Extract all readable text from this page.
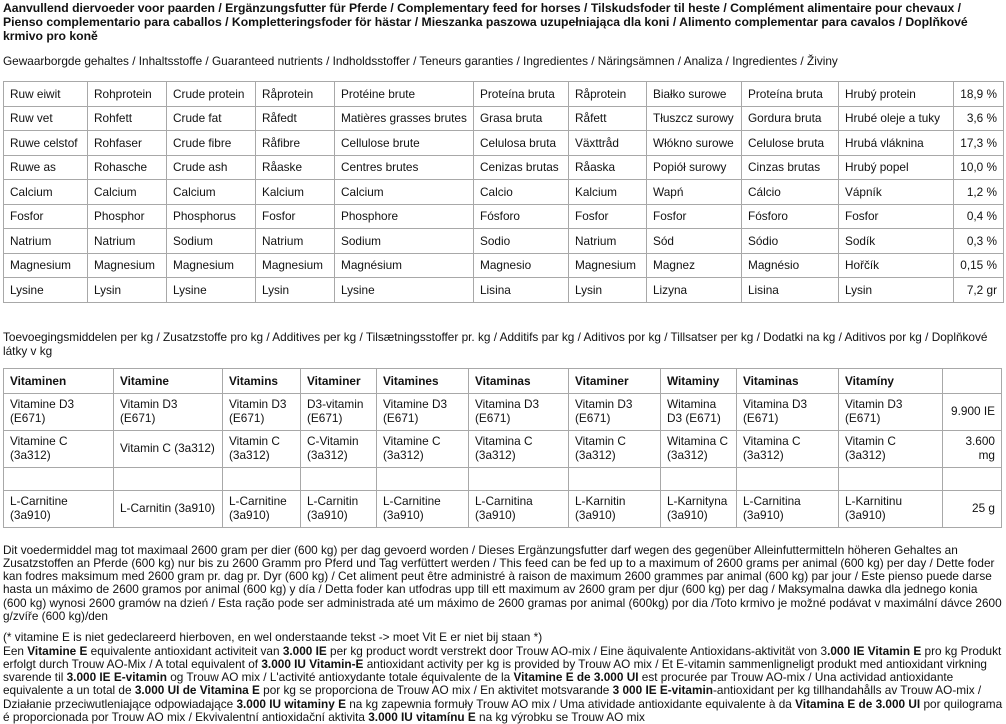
Aanvullend diervoeder voor paarden / Ergänzungsfutter für Pferde / Complementary feed for horses / Tilskudsfoder til heste / Complément alimentaire pour chevaux / Pienso complementario para caballos / Kompletteringsfoder för hästar / Mieszanka paszowa uzupełniająca dla koni / Alimento complementar para cavalos / Doplňkové krmivo pro koně

Gewaarborgde gehaltes / Inhaltsstoffe / Guaranteed nutrients / Indholdsstoffer / Teneurs garanties / Ingredientes / Näringsämnen / Analiza / Ingredientes / Živiny

Ruw eiwit	Rohprotein	Crude protein	Råprotein	Protéine brute	Proteína bruta	Råprotein	Białko surowe	Proteína bruta	Hrubý protein	18,9 %
Ruw vet	Rohfett	Crude fat	Råfedt	Matières grasses brutes	Grasa bruta	Råfett	Tłuszcz surowy	Gordura bruta	Hrubé oleje a tuky	3,6 %
Ruwe celstof	Rohfaser	Crude fibre	Råfibre	Cellulose brute	Celulosa bruta	Växttråd	Włókno surowe	Celulose bruta	Hrubá vláknina	17,3 %
Ruwe as	Rohasche	Crude ash	Råaske	Centres brutes	Cenizas brutas	Råaska	Popiół surowy	Cinzas brutas	Hrubý popel	10,0 %
Calcium	Calcium	Calcium	Kalcium	Calcium	Calcio	Kalcium	Wapń	Cálcio	Vápník	1,2 %
Fosfor	Phosphor	Phosphorus	Fosfor	Phosphore	Fósforo	Fosfor	Fosfor	Fósforo	Fosfor	0,4 %
Natrium	Natrium	Sodium	Natrium	Sodium	Sodio	Natrium	Sód	Sódio	Sodík	0,3 %
Magnesium	Magnesium	Magnesium	Magnesium	Magnésium	Magnesio	Magnesium	Magnez	Magnésio	Hořčík	0,15 %
Lysine	Lysin	Lysine	Lysin	Lysine	Lisina	Lysin	Lizyna	Lisina	Lysin	7,2 gr

Toevoegingsmiddelen per kg / Zusatzstoffe pro kg / Additives per kg / Tilsætningsstoffer pr. kg / Additifs par kg / Aditivos por kg / Tillsatser per kg / Dodatki na kg / Aditivos por kg / Doplňkové látky v kg

Vitaminen	Vitamine	Vitamins	Vitaminer	Vitamines	Vitaminas	Vitaminer	Witaminy	Vitaminas	Vitamíny	
Vitamine D3 (E671)	Vitamin D3 (E671)	Vitamin D3 (E671)	D3-vitamin (E671)	Vitamine D3 (E671)	Vitamina D3 (E671)	Vitamin D3 (E671)	Witamina D3 (E671)	Vitamina D3 (E671)	Vitamin D3 (E671)	9.900 IE
Vitamine C (3a312)	Vitamin C (3a312)	Vitamin C (3a312)	C-Vitamin (3a312)	Vitamine C (3a312)	Vitamina C (3a312)	Vitamin C (3a312)	Witamina C (3a312)	Vitamina C (3a312)	Vitamin C (3a312)	3.600 mg

L-Carnitine (3a910)	L-Carnitin (3a910)	L-Carnitine (3a910)	L-Carnitin (3a910)	L-Carnitine (3a910)	L-Carnitina (3a910)	L-Karnitin (3a910)	L-Karnityna (3a910)	L-Carnitina (3a910)	L-Karnitinu (3a910)	25 g

Dit voedermiddel mag tot maximaal 2600 gram per dier (600 kg) per dag gevoerd worden / Dieses Ergänzungsfutter darf wegen des gegenüber Alleinfuttermitteln höheren Gehaltes an Zusatzstoffen an Pferde (600 kg) nur bis zu 2600 Gramm pro Pferd und Tag verfüttert werden / This feed can be fed up to a maximum of 2600 grams per animal (600 kg) per day / Dette foder kan fodres maksimum med 2600 gram pr. dag pr. Dyr (600 kg) / Cet aliment peut être administré à raison de maximum 2600 grammes par animal (600 kg) par jour / Este pienso puede darse hasta un máximo de 2600 gramos por animal (600 kg) y día / Detta foder kan utfodras upp till ett maximum av 2600 gram per djur (600 kg) per dag / Maksymalna dawka dla jednego konia (600 kg) wynosi 2600 gramów na dzień / Esta ração pode ser administrada até um máximo de 2600 gramas por animal (600kg) por dia /Toto krmivo je možné podávat v maximální dávce 2600 g/zvíře (600 kg)/den

(* vitamine E is niet gedeclareerd hierboven, en wel onderstaande tekst -> moet Vit E er niet bij staan *)

Een Vitamine E equivalente antioxidant activiteit van 3.000 IE per kg product wordt verstrekt door Trouw AO-mix / Eine äquivalente Antioxidans-aktivität von 3.000 IE Vitamin E pro kg Produkt erfolgt durch Trouw AO-Mix / A total equivalent of 3.000 IU Vitamin-E antioxidant activity per kg is provided by Trouw AO mix / Et E-vitamin sammenligneligt produkt med antioxidant virkning svarende til 3.000 IE E-vitamin og Trouw AO mix / L'activité antioxydante totale équivalente de la Vitamine E de 3.000 UI est procurée par Trouw AO-mix / Una actividad antioxidante equivalente a un total de 3.000 UI de Vitamina E por kg se proporciona de Trouw AO mix / En aktivitet motsvarande 3 000 IE E-vitamin-antioxidant per kg tillhandahålls av Trouw AO-mix / Działanie przeciwutleniające odpowiadające 3.000 IU witaminy E na kg zapewnia formuły Trouw AO mix / Uma atividade antioxidante equivalente à da Vitamina E de 3.000 UI por quilograma é proporcionada por Trouw AO mix / Ekvivalentní antioxidační aktivita 3.000 IU vitamínu E na kg výrobku se Trouw AO mix
